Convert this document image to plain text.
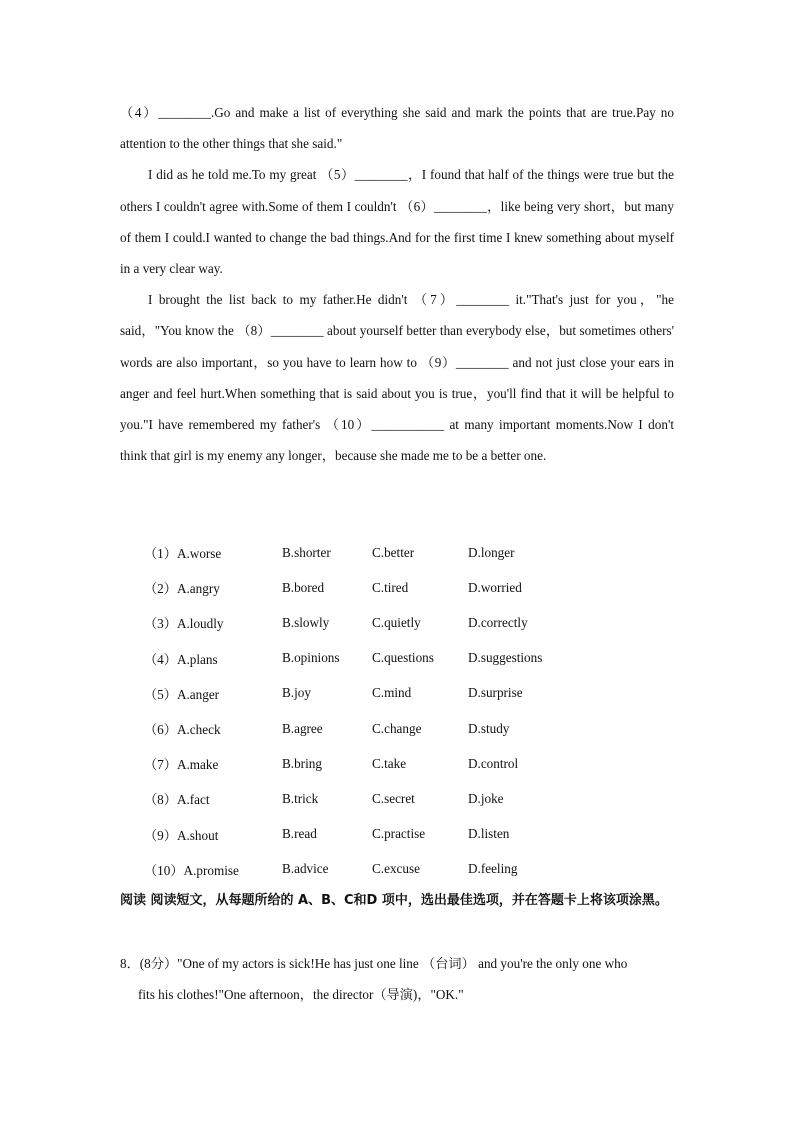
（4）________.Go and make a list of everything she said and mark the points that are true.Pay no attention to the other things that she said."

I did as he told me.To my great （5）________，I found that half of the things were true but the others I couldn't agree with.Some of them I couldn't （6）________，like being very short，but many of them I could.I wanted to change the bad things.And for the first time I knew something about myself in a very clear way.

I brought the list back to my father.He didn't （7）________ it."That's just for you，"he said，"You know the （8）________ about yourself better than everybody else，but sometimes others' words are also important，so you have to learn how to （9）________ and not just close your ears in anger and feel hurt.When something that is said about you is true，you'll find that it will be helpful to you."I have remembered my father's （10）___________ at many important moments.Now I don't think that girl is my enemy any longer，because she made me to be a better one.

（1）A.worse	B.shorter	C.better	D.longer
（2）A.angry	B.bored	C.tired	D.worried
（3）A.loudly	B.slowly	C.quietly	D.correctly
（4）A.plans	B.opinions	C.questions	D.suggestions
（5）A.anger	B.joy	C.mind	D.surprise
（6）A.check	B.agree	C.change	D.study
（7）A.make	B.bring	C.take	D.control
（8）A.fact	B.trick	C.secret	D.joke
（9）A.shout	B.read	C.practise	D.listen
（10）A.promise	B.advice	C.excuse	D.feeling
阅读 阅读短文，从每题所给的 A、B、C和D 项中，选出最佳选项，并在答题卡上将该项涂黑。
8．(8分）"One of my actors is sick!He has just one line （台词） and you're the only one who
fits his clothes!"One afternoon，the director（导演)，"OK."
